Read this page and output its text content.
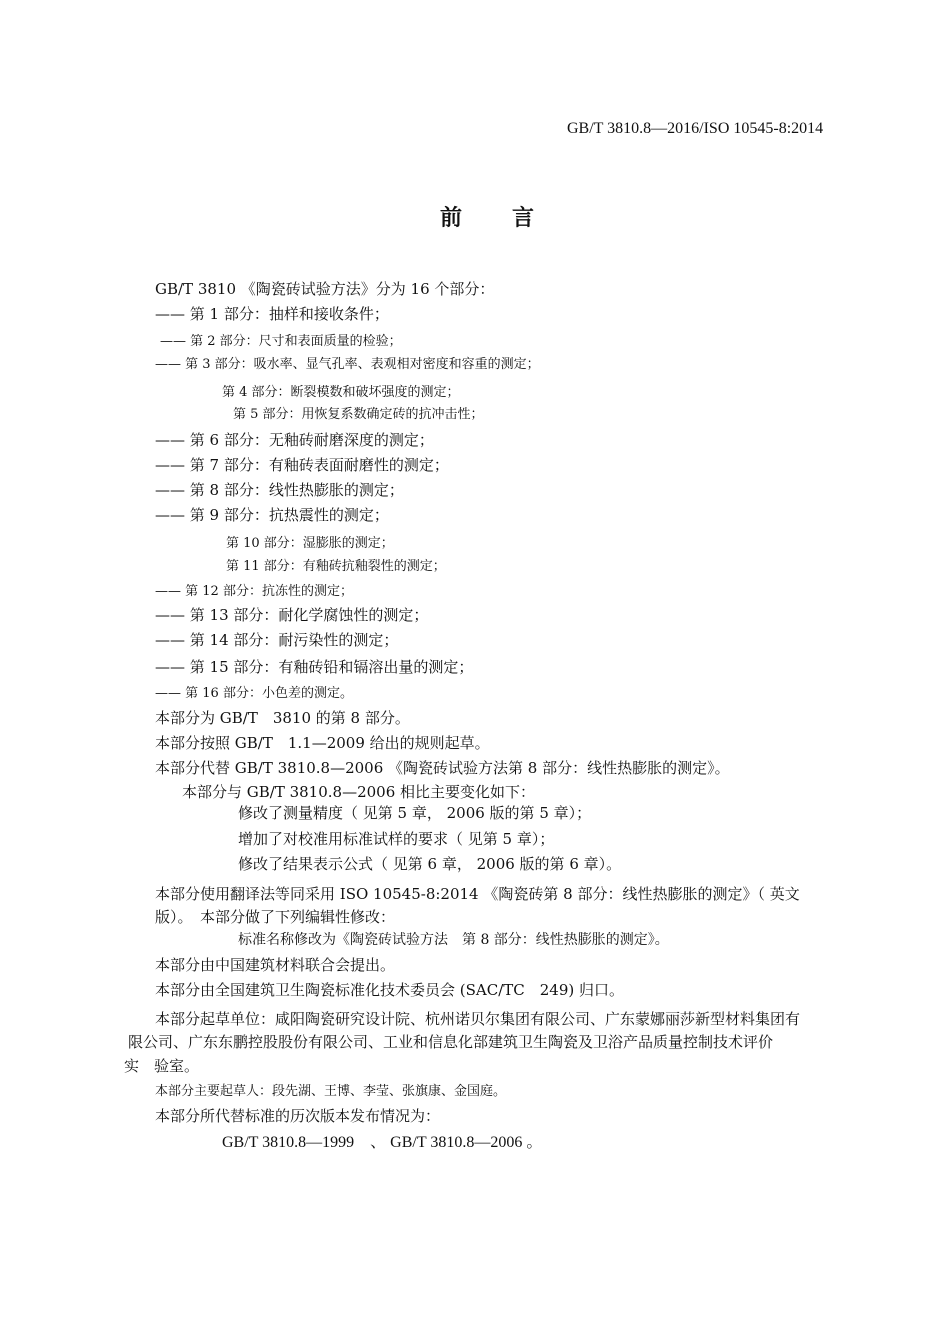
GB/T 3810.8—2016/ISO 10545-8:2014
前 言
GB/T 3810 《陶瓷砖试验方法》分为 16 个部分：
—— 第 1 部分：抽样和接收条件；
—— 第 2 部分：尺寸和表面质量的检验；
—— 第 3 部分：吸水率、显气孔率、表观相对密度和容重的测定；
第 4 部分：断裂模数和破坏强度的测定；
第 5 部分：用恢复系数确定砖的抗冲击性；
—— 第 6 部分：无釉砖耐磨深度的测定；
—— 第 7 部分：有釉砖表面耐磨性的测定；
—— 第 8 部分：线性热膨胀的测定；
—— 第 9 部分：抗热震性的测定；
第 10 部分：湿膨胀的测定；
第 11 部分：有釉砖抗釉裂性的测定；
—— 第 12 部分：抗冻性的测定；
—— 第 13 部分：耐化学腐蚀性的测定；
—— 第 14 部分：耐污染性的测定；
—— 第 15 部分：有釉砖铅和镉溶出量的测定；
—— 第 16 部分：小色差的测定。
本部分为 GB/T　3810 的第 8 部分。
本部分按照 GB/T　1.1—2009 给出的规则起草。
本部分代替 GB/T 3810.8—2006 《陶瓷砖试验方法第 8 部分：线性热膨胀的测定》。
本部分与 GB/T 3810.8—2006 相比主要变化如下：
修改了测量精度（ 见第 5 章， 2006 版的第 5 章）；
增加了对校准用标准试样的要求（ 见第 5 章）；
修改了结果表示公式（ 见第 6 章， 2006 版的第 6 章）。
本部分使用翻译法等同采用 ISO 10545-8:2014 《陶瓷砖第 8 部分：线性热膨胀的测定》（ 英文
版）。　本部分做了下列编辑性修改：
标准名称修改为《陶瓷砖试验方法　第 8 部分：线性热膨胀的测定》。
本部分由中国建筑材料联合会提出。
本部分由全国建筑卫生陶瓷标准化技术委员会 (SAC/TC　249) 归口。
本部分起草单位：咸阳陶瓷研究设计院、杭州诺贝尔集团有限公司、广东蒙娜丽莎新型材料集团有
限公司、广东东鹏控股股份有限公司、工业和信息化部建筑卫生陶瓷及卫浴产品质量控制技术评价
实　验室。
本部分主要起草人：段先湖、王博、李莹、张旗康、金国庭。
本部分所代替标准的历次版本发布情况为：
GB/T 3810.8—1999　、 GB/T 3810.8—2006 。
